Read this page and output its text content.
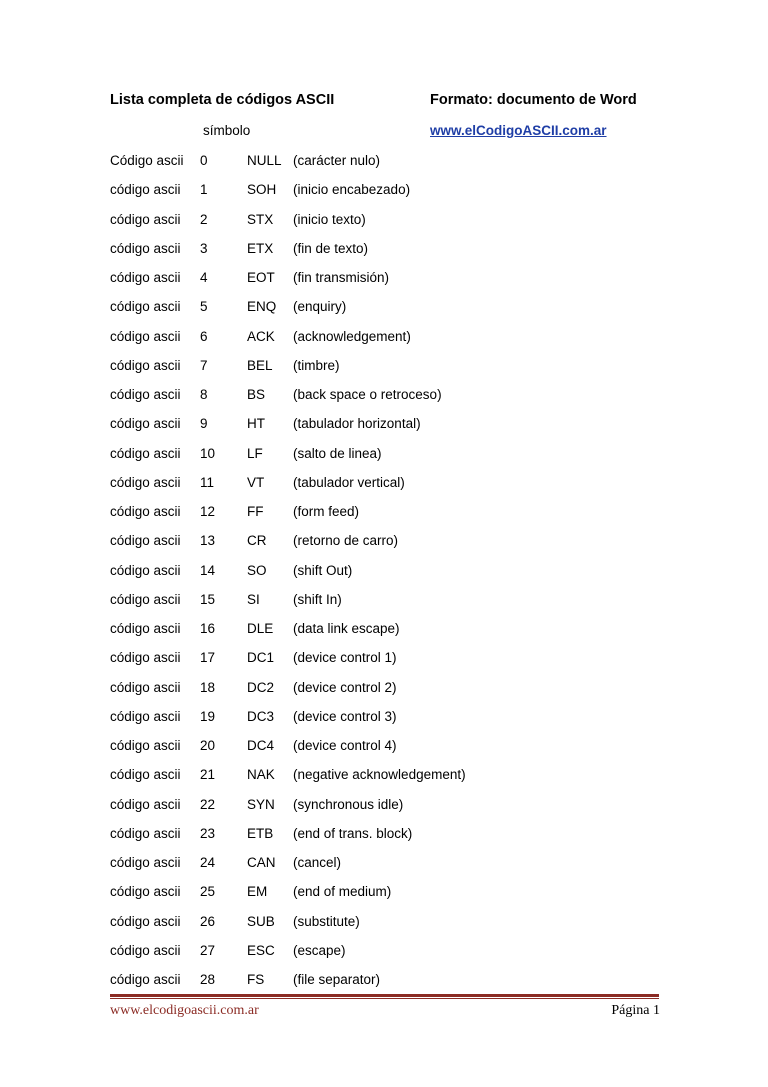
Lista completa de códigos ASCII	Formato: documento de Word
símbolo	www.elCodigoASCII.com.ar
Código ascii 0	NULL (carácter nulo)
código ascii 1	SOH (inicio encabezado)
código ascii 2	STX (inicio texto)
código ascii 3	ETX (fin de texto)
código ascii 4	EOT (fin transmisión)
código ascii 5	ENQ (enquiry)
código ascii 6	ACK (acknowledgement)
código ascii 7	BEL (timbre)
código ascii 8	BS (back space o retroceso)
código ascii 9	HT (tabulador horizontal)
código ascii 10 LF (salto de linea)
código ascii 11 VT (tabulador vertical)
código ascii 12 FF (form feed)
código ascii 13 CR (retorno de carro)
código ascii 14 SO (shift Out)
código ascii 15 SI (shift In)
código ascii 16 DLE (data link escape)
código ascii 17 DC1 (device control 1)
código ascii 18 DC2 (device control 2)
código ascii 19 DC3 (device control 3)
código ascii 20 DC4 (device control 4)
código ascii 21 NAK (negative acknowledgement)
código ascii 22 SYN (synchronous idle)
código ascii 23 ETB (end of trans. block)
código ascii 24 CAN (cancel)
código ascii 25 EM (end of medium)
código ascii 26 SUB (substitute)
código ascii 27 ESC (escape)
código ascii 28 FS (file separator)
www.elcodigoascii.com.ar	Página 1
